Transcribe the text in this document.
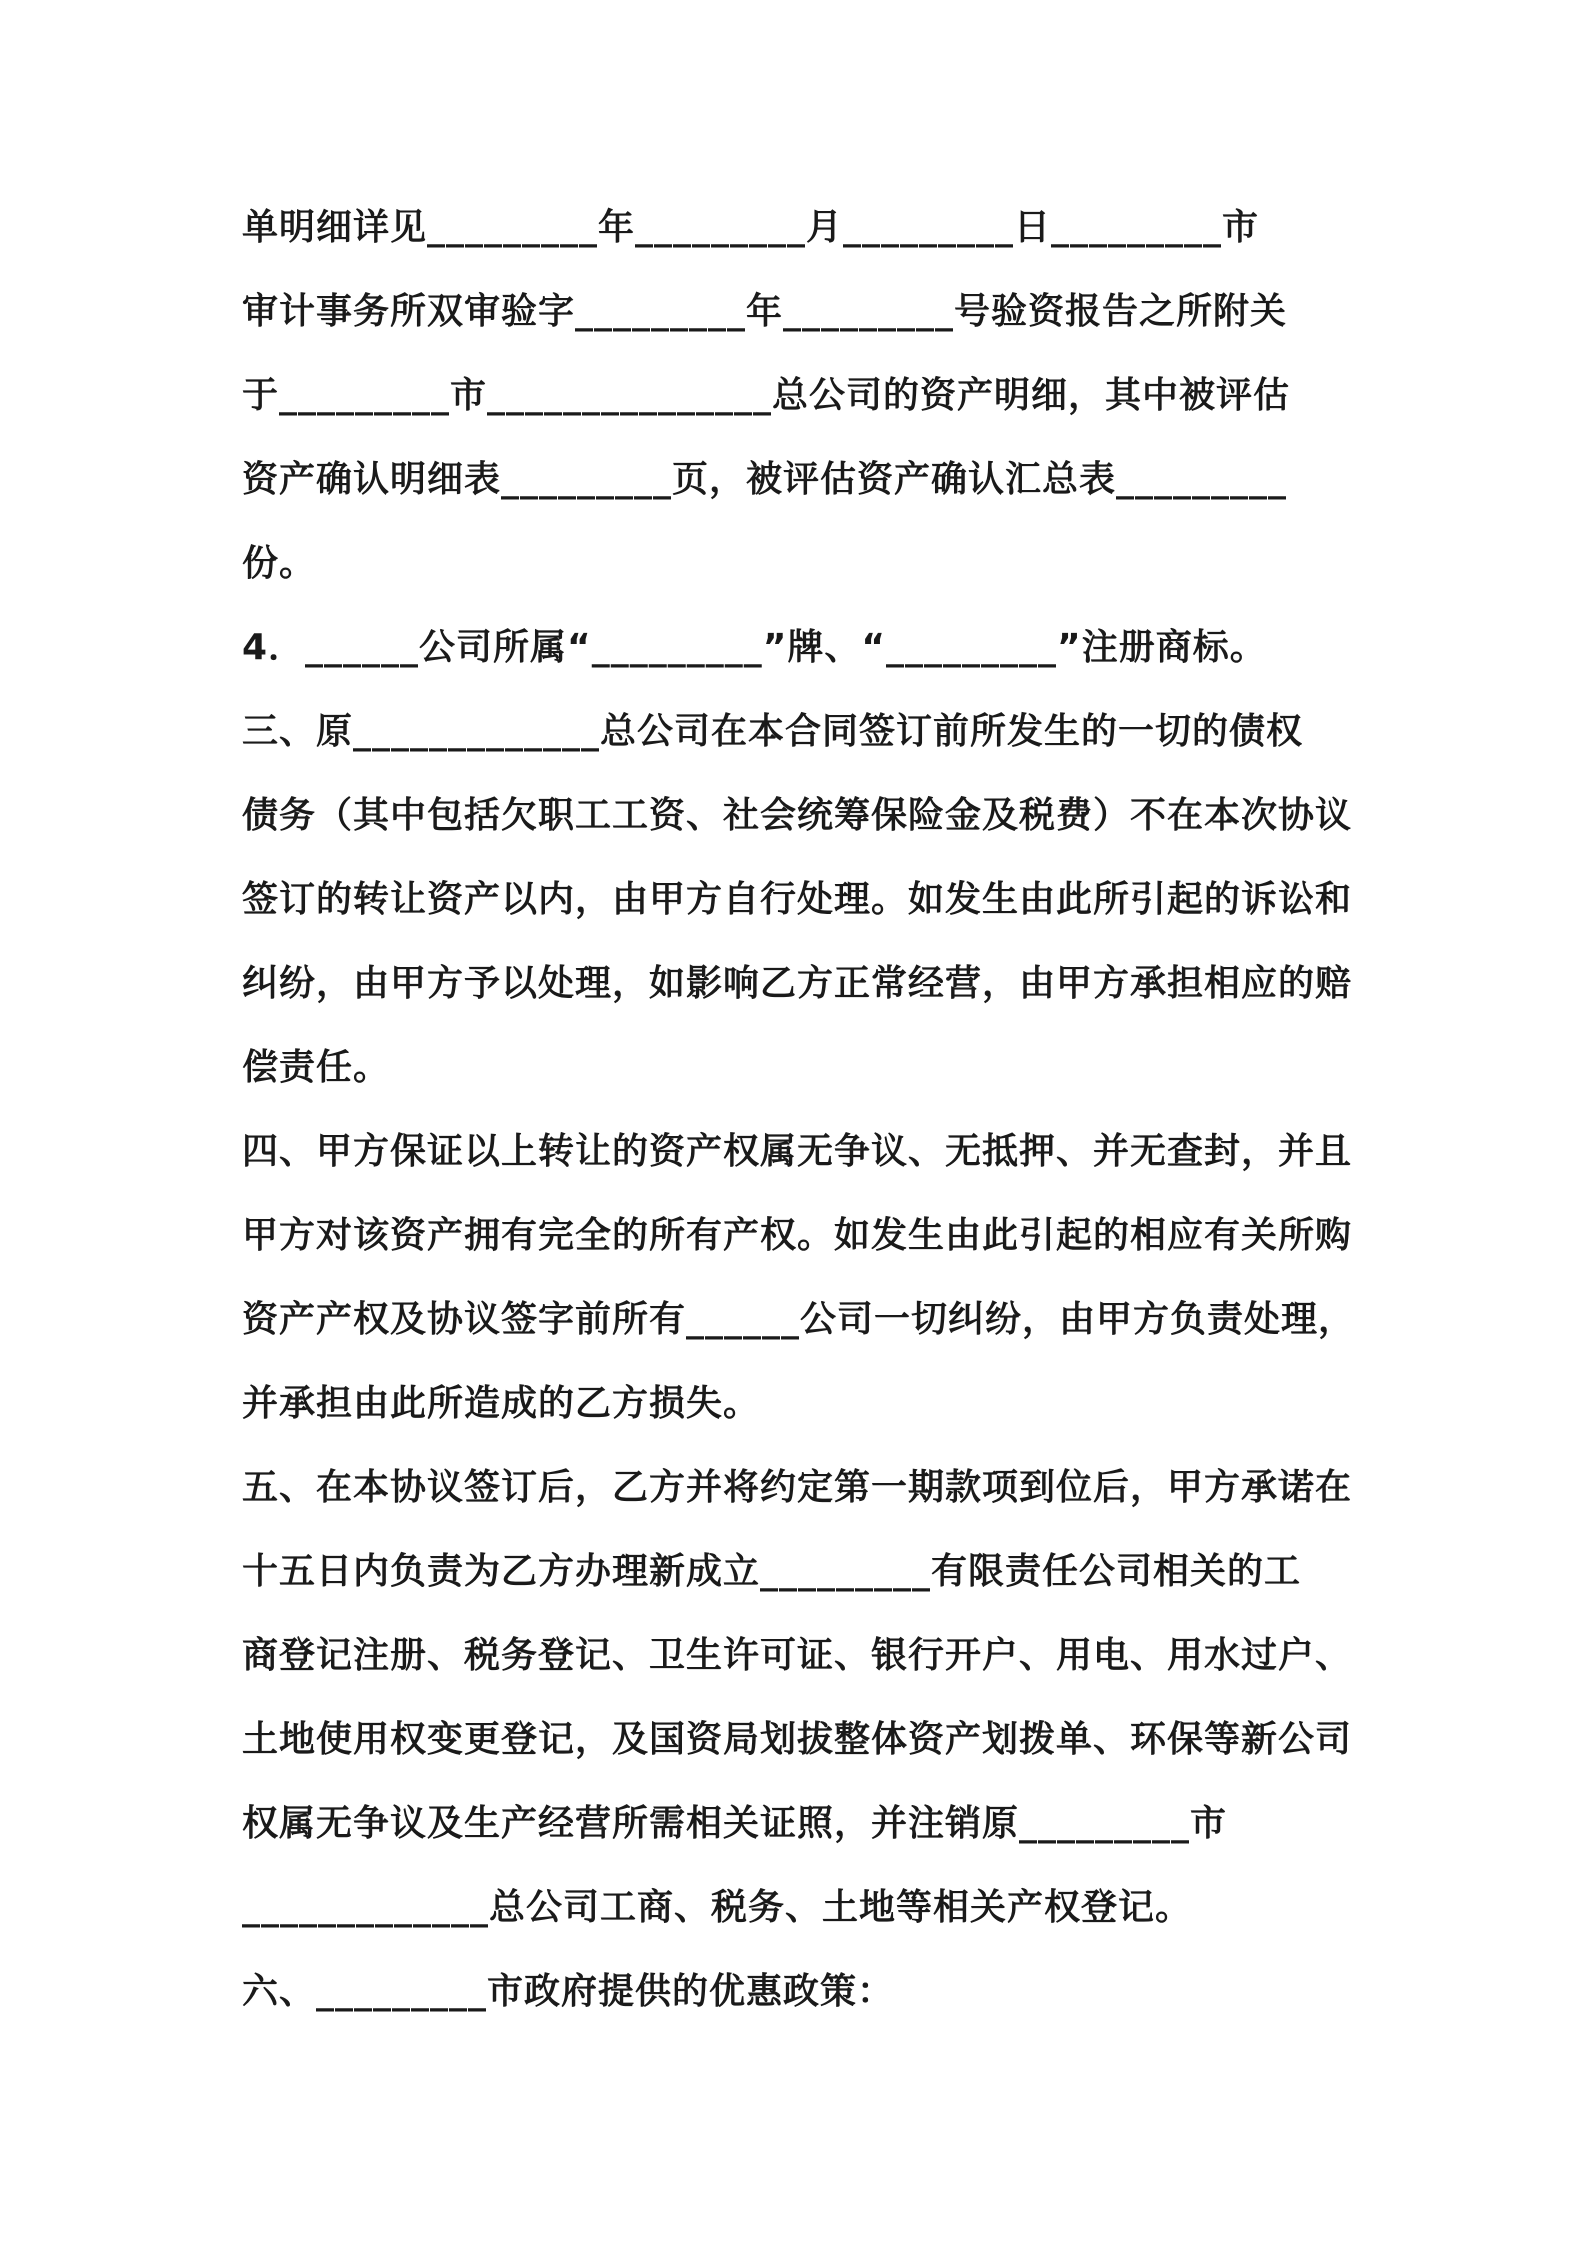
单明细详见_________年_________月_________日_________市
审计事务所双审验字_________年_________号验资报告之所附关
于_________市_______________总公司的资产明细，其中被评估
资产确认明细表_________页，被评估资产确认汇总表_________
份。
4．______公司所属“_________”牌、“_________”注册商标。
三、原_____________总公司在本合同签订前所发生的一切的债权
债务（其中包括欠职工工资、社会统筹保险金及税费）不在本次协议
签订的转让资产以内，由甲方自行处理。如发生由此所引起的诉讼和
纠纷，由甲方予以处理，如影响乙方正常经营，由甲方承担相应的赔
偿责任。
四、甲方保证以上转让的资产权属无争议、无抵押、并无查封，并且
甲方对该资产拥有完全的所有产权。如发生由此引起的相应有关所购
资产产权及协议签字前所有______公司一切纠纷，由甲方负责处理，
并承担由此所造成的乙方损失。
五、在本协议签订后，乙方并将约定第一期款项到位后，甲方承诺在
十五日内负责为乙方办理新成立_________有限责任公司相关的工
商登记注册、税务登记、卫生许可证、银行开户、用电、用水过户、
土地使用权变更登记，及国资局划拔整体资产划拨单、环保等新公司
权属无争议及生产经营所需相关证照，并注销原_________市
_____________总公司工商、税务、土地等相关产权登记。
六、_________市政府提供的优惠政策：
